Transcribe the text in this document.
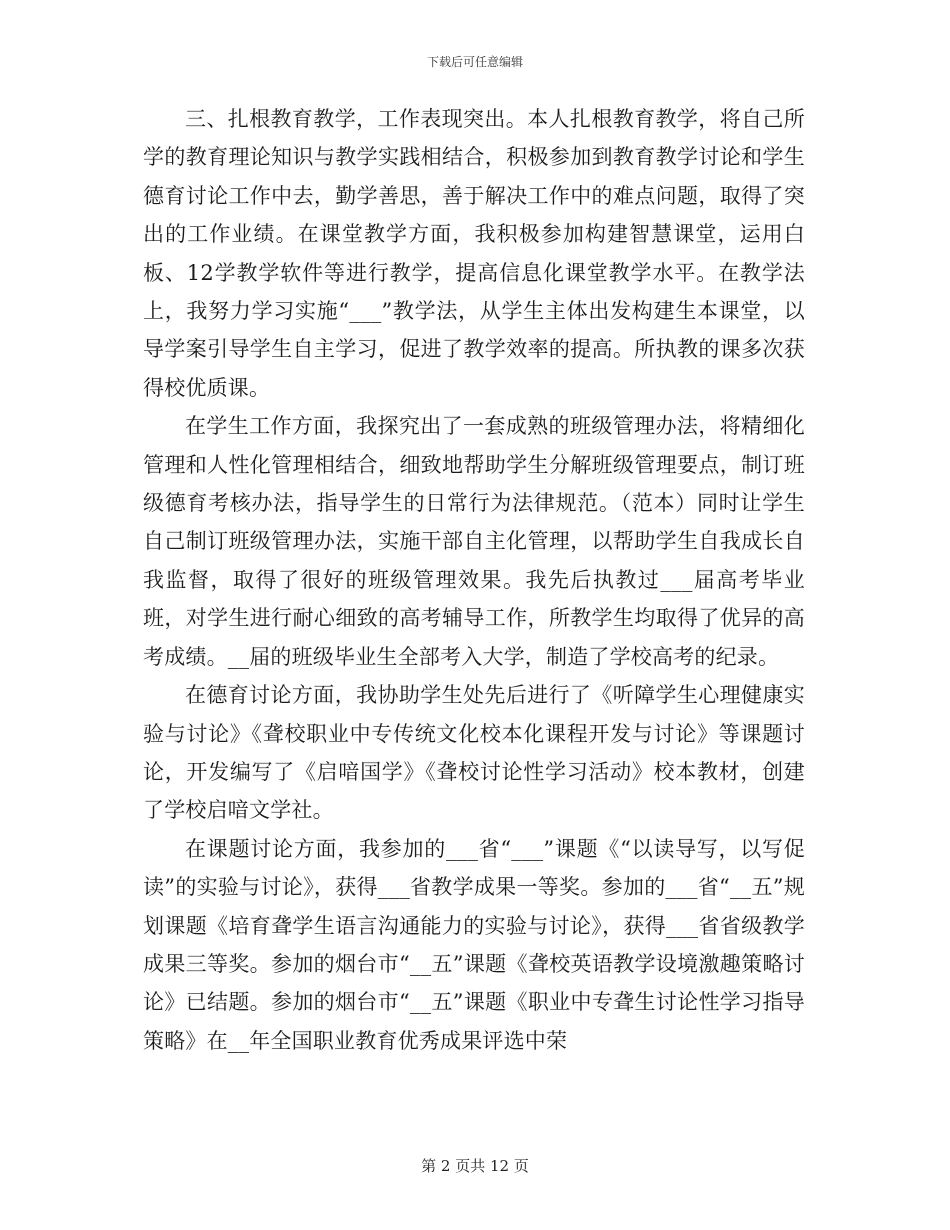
下载后可任意编辑

三、扎根教育教学，工作表现突出。本人扎根教育教学，将自己所学的教育理论知识与教学实践相结合，积极参加到教育教学讨论和学生德育讨论工作中去，勤学善思，善于解决工作中的难点问题，取得了突出的工作业绩。在课堂教学方面，我积极参加构建智慧课堂，运用白板、12学教学软件等进行教学，提高信息化课堂教学水平。在教学法上，我努力学习实施“___”教学法，从学生主体出发构建生本课堂，以导学案引导学生自主学习，促进了教学效率的提高。所执教的课多次获得校优质课。

在学生工作方面，我探究出了一套成熟的班级管理办法，将精细化管理和人性化管理相结合，细致地帮助学生分解班级管理要点，制订班级德育考核办法，指导学生的日常行为法律规范。（范本）同时让学生自己制订班级管理办法，实施干部自主化管理，以帮助学生自我成长自我监督，取得了很好的班级管理效果。我先后执教过___届高考毕业班，对学生进行耐心细致的高考辅导工作，所教学生均取得了优异的高考成绩。__届的班级毕业生全部考入大学，制造了学校高考的纪录。

在德育讨论方面，我协助学生处先后进行了《听障学生心理健康实验与讨论》《聋校职业中专传统文化校本化课程开发与讨论》等课题讨论，开发编写了《启喑国学》《聋校讨论性学习活动》校本教材，创建了学校启喑文学社。

在课题讨论方面，我参加的___省“___”课题《“以读导写，以写促读”的实验与讨论》，获得___省教学成果一等奖。参加的___省“__五”规划课题《培育聋学生语言沟通能力的实验与讨论》，获得___省省级教学成果三等奖。参加的烟台市“__五”课题《聋校英语教学设境激趣策略讨论》已结题。参加的烟台市“__五”课题《职业中专聋生讨论性学习指导策略》在__年全国职业教育优秀成果评选中荣

第 2 页共 12 页
